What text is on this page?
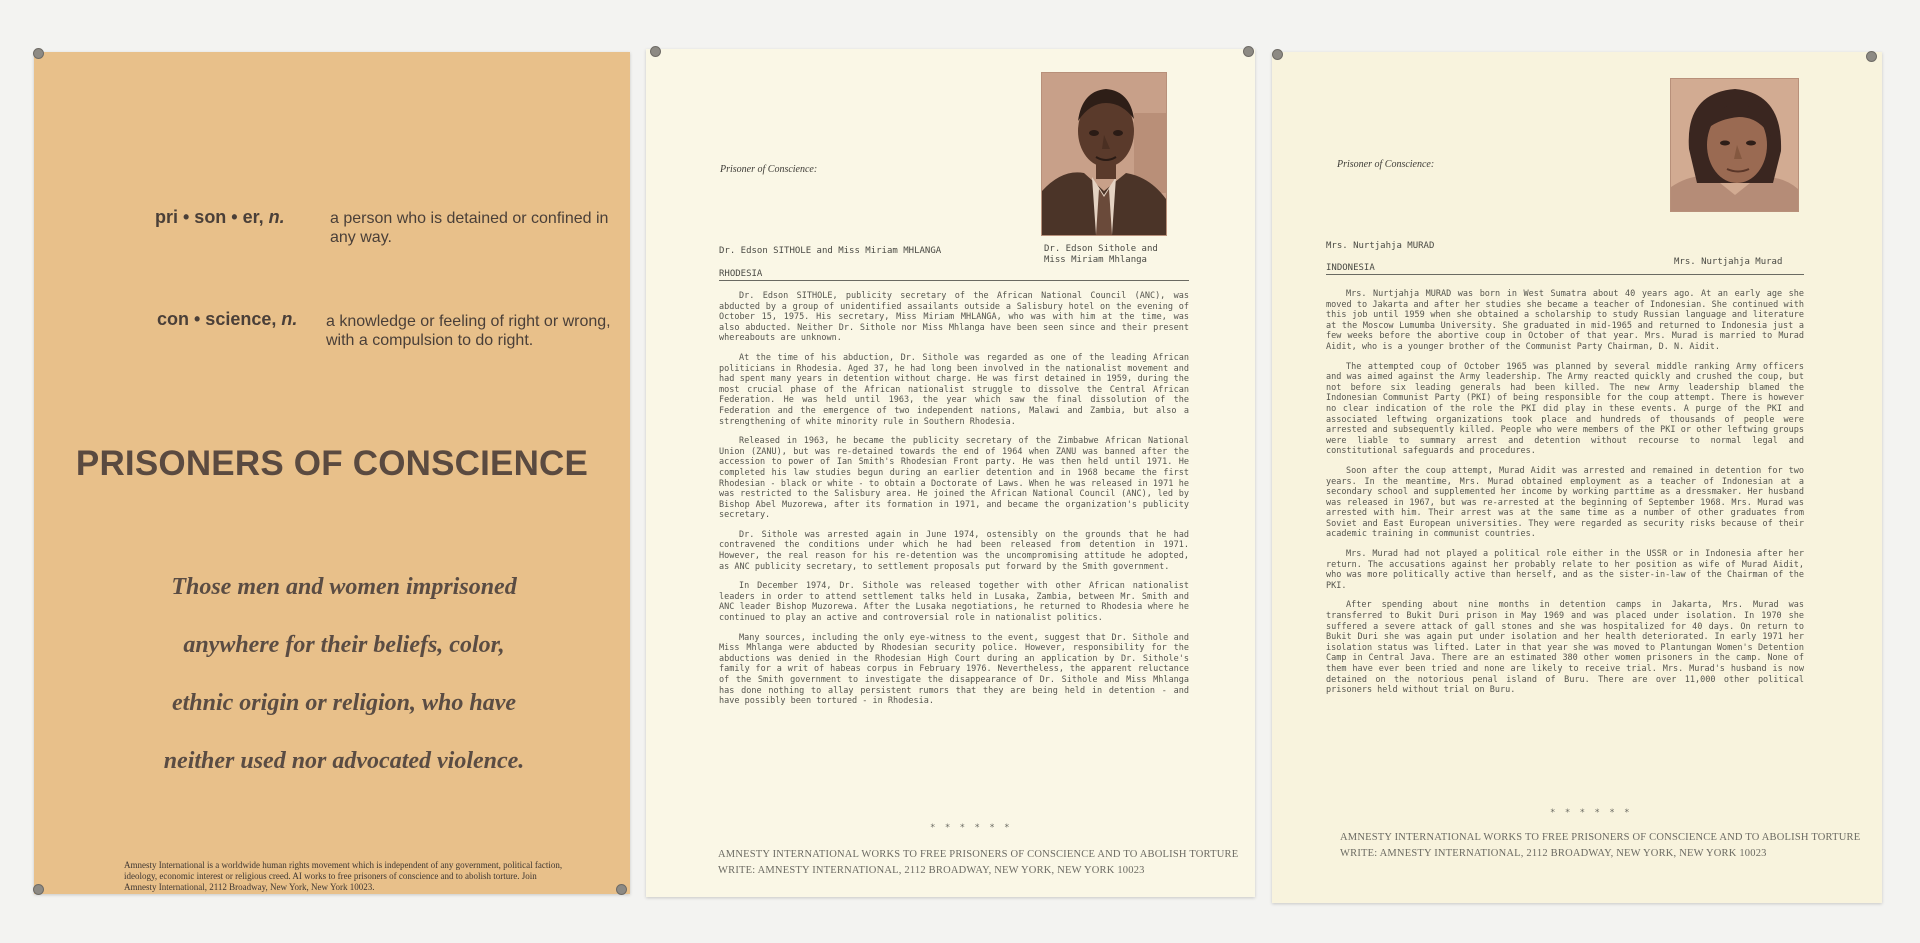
pri • son • er, n.	a person who is detained or confined in any way.
con • science, n. a knowledge or feeling of right or wrong, with a compulsion to do right.
PRISONERS OF CONSCIENCE
Those men and women imprisoned
anywhere for their beliefs, color,
ethnic origin or religion, who have
neither used nor advocated violence.
Amnesty International is a worldwide human rights movement which is independent of any government, political faction, ideology, economic interest or religious creed. AI works to free prisoners of conscience and to abolish torture. Join Amnesty International, 2112 Broadway, New York, New York 10023.
Prisoner of Conscience:
Dr. Edson Sithole and
Miss Miriam Mhlanga
Dr. Edson SITHOLE and Miss Miriam MHLANGA
RHODESIA

Dr. Edson SITHOLE, publicity secretary of the African National Council (ANC), was abducted by a group of unidentified assailants outside a Salisbury hotel on the evening of October 15, 1975. His secretary, Miss Miriam MHLANGA, who was with him at the time, was also abducted. Neither Dr. Sithole nor Miss Mhlanga have been seen since and their present whereabouts are unknown.

At the time of his abduction, Dr. Sithole was regarded as one of the leading African politicians in Rhodesia. Aged 37, he had long been involved in the nationalist movement and had spent many years in detention without charge. He was first detained in 1959, during the most crucial phase of the African nationalist struggle to dissolve the Central African Federation. He was held until 1963, the year which saw the final dissolution of the Federation and the emergence of two independent nations, Malawi and Zambia, but also a strengthening of white minority rule in Southern Rhodesia.

Released in 1963, he became the publicity secretary of the Zimbabwe African National Union (ZANU), but was re-detained towards the end of 1964 when ZANU was banned after the accession to power of Ian Smith's Rhodesian Front party. He was then held until 1971. He completed his law studies begun during an earlier detention and in 1968 became the first Rhodesian - black or white - to obtain a Doctorate of Laws. When he was released in 1971 he was restricted to the Salisbury area. He joined the African National Council (ANC), led by Bishop Abel Muzorewa, after its formation in 1971, and became the organization's publicity secretary.

Dr. Sithole was arrested again in June 1974, ostensibly on the grounds that he had contravened the conditions under which he had been released from detention in 1971. However, the real reason for his re-detention was the uncompromising attitude he adopted, as ANC publicity secretary, to settlement proposals put forward by the Smith government.

In December 1974, Dr. Sithole was released together with other African nationalist leaders in order to attend settlement talks held in Lusaka, Zambia, between Mr. Smith and ANC leader Bishop Muzorewa. After the Lusaka negotiations, he returned to Rhodesia where he continued to play an active and controversial role in nationalist politics.

Many sources, including the only eye-witness to the event, suggest that Dr. Sithole and Miss Mhlanga were abducted by Rhodesian security police. However, responsibility for the abductions was denied in the Rhodesian High Court during an application by Dr. Sithole's family for a writ of habeas corpus in February 1976. Nevertheless, the apparent reluctance of the Smith government to investigate the disappearance of Dr. Sithole and Miss Mhlanga has done nothing to allay persistent rumors that they are being held in detention - and have possibly been tortured - in Rhodesia.

* * * * * *
AMNESTY INTERNATIONAL WORKS TO FREE PRISONERS OF CONSCIENCE AND TO ABOLISH TORTURE
WRITE: AMNESTY INTERNATIONAL, 2112 BROADWAY, NEW YORK, NEW YORK 10023
Prisoner of Conscience:
Mrs. Nurtjahja MURAD
Mrs. Nurtjahja Murad
INDONESIA

Mrs. Nurtjahja MURAD was born in West Sumatra about 40 years ago. At an early age she moved to Jakarta and after her studies she became a teacher of Indonesian. She continued with this job until 1959 when she obtained a scholarship to study Russian language and literature at the Moscow Lumumba University. She graduated in mid-1965 and returned to Indonesia just a few weeks before the abortive coup in October of that year. Mrs. Murad is married to Murad Aidit, who is a younger brother of the Communist Party Chairman, D. N. Aidit.

The attempted coup of October 1965 was planned by several middle ranking Army officers and was aimed against the Army leadership. The Army reacted quickly and crushed the coup, but not before six leading generals had been killed. The new Army leadership blamed the Indonesian Communist Party (PKI) of being responsible for the coup attempt. There is however no clear indication of the role the PKI did play in these events. A purge of the PKI and associated leftwing organizations took place and hundreds of thousands of people were arrested and subsequently killed. People who were members of the PKI or other leftwing groups were liable to summary arrest and detention without recourse to normal legal and constitutional safeguards and procedures.

Soon after the coup attempt, Murad Aidit was arrested and remained in detention for two years. In the meantime, Mrs. Murad obtained employment as a teacher of Indonesian at a secondary school and supplemented her income by working parttime as a dressmaker. Her husband was released in 1967, but was re-arrested at the beginning of September 1968. Mrs. Murad was arrested with him. Their arrest was at the same time as a number of other graduates from Soviet and East European universities. They were regarded as security risks because of their academic training in communist countries.

Mrs. Murad had not played a political role either in the USSR or in Indonesia after her return. The accusations against her probably relate to her position as wife of Murad Aidit, who was more politically active than herself, and as the sister-in-law of the Chairman of the PKI.

After spending about nine months in detention camps in Jakarta, Mrs. Murad was transferred to Bukit Duri prison in May 1969 and was placed under isolation. In 1970 she suffered a severe attack of gall stones and she was hospitalized for 40 days. On return to Bukit Duri she was again put under isolation and her health deteriorated. In early 1971 her isolation status was lifted. Later in that year she was moved to Plantungan Women's Detention Camp in Central Java. There are an estimated 380 other women prisoners in the camp. None of them have ever been tried and none are likely to receive trial. Mrs. Murad's husband is now detained on the notorious penal island of Buru. There are over 11,000 other political prisoners held without trial on Buru.

* * * * * *
AMNESTY INTERNATIONAL WORKS TO FREE PRISONERS OF CONSCIENCE AND TO ABOLISH TORTURE
WRITE: AMNESTY INTERNATIONAL, 2112 BROADWAY, NEW YORK, NEW YORK 10023
